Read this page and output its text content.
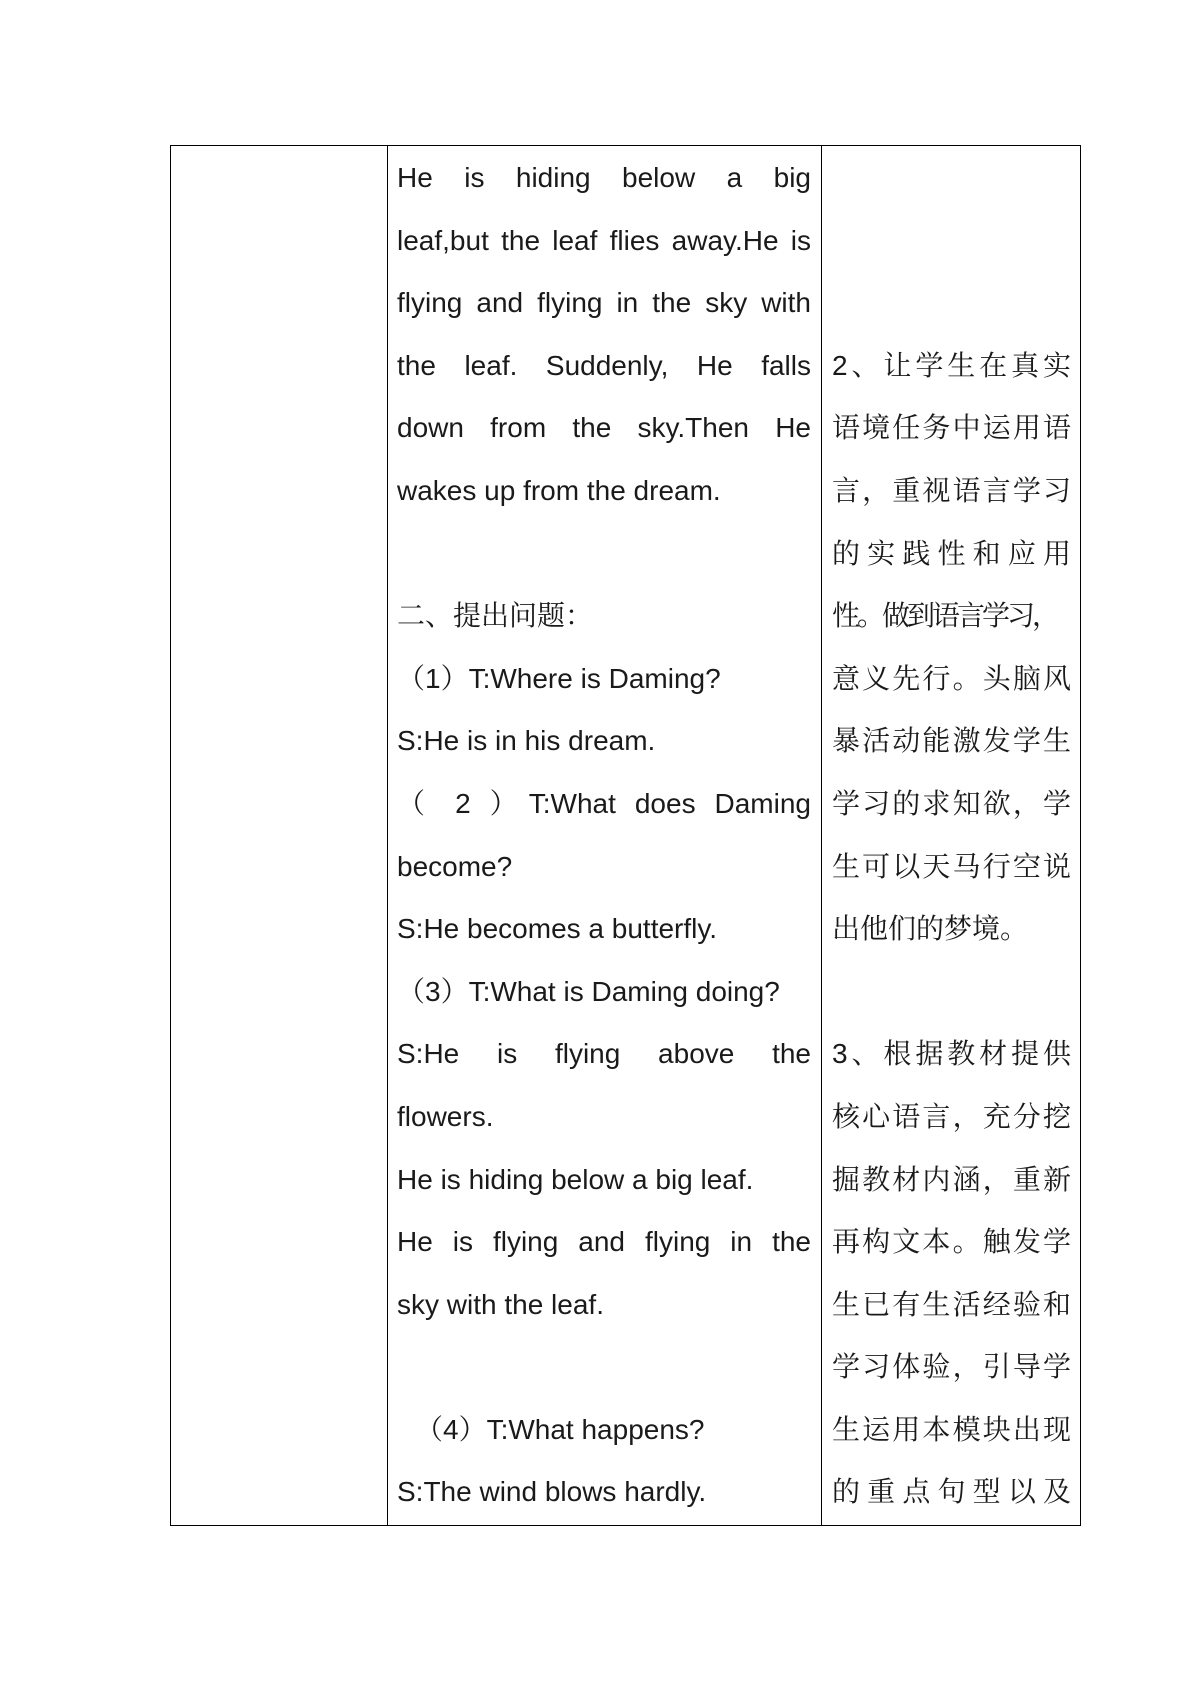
He is hiding below a big
leaf,but the leaf flies away.He is
flying and flying in the sky with
the leaf. Suddenly, He falls
down from the sky.Then He
wakes up from the dream.
二、提出问题：
（1）T:Where is Daming?
S:He is in his dream.
（ 2 ）T:What does Daming
become?
S:He becomes a butterfly.
（3）T:What is Daming doing?
S:He is flying above the
flowers.
He is hiding below a big leaf.
He is flying and flying in the
sky with the leaf.
（4）T:What happens?
S:The wind blows hardly.
2、让学生在真实
语境任务中运用语
言，重视语言学习
的实践性和应用
性。做到语言学习，
意义先行。头脑风
暴活动能激发学生
学习的求知欲，学
生可以天马行空说
出他们的梦境。
3、根据教材提供
核心语言，充分挖
掘教材内涵，重新
再构文本。触发学
生已有生活经验和
学习体验，引导学
生运用本模块出现
的重点句型以及
